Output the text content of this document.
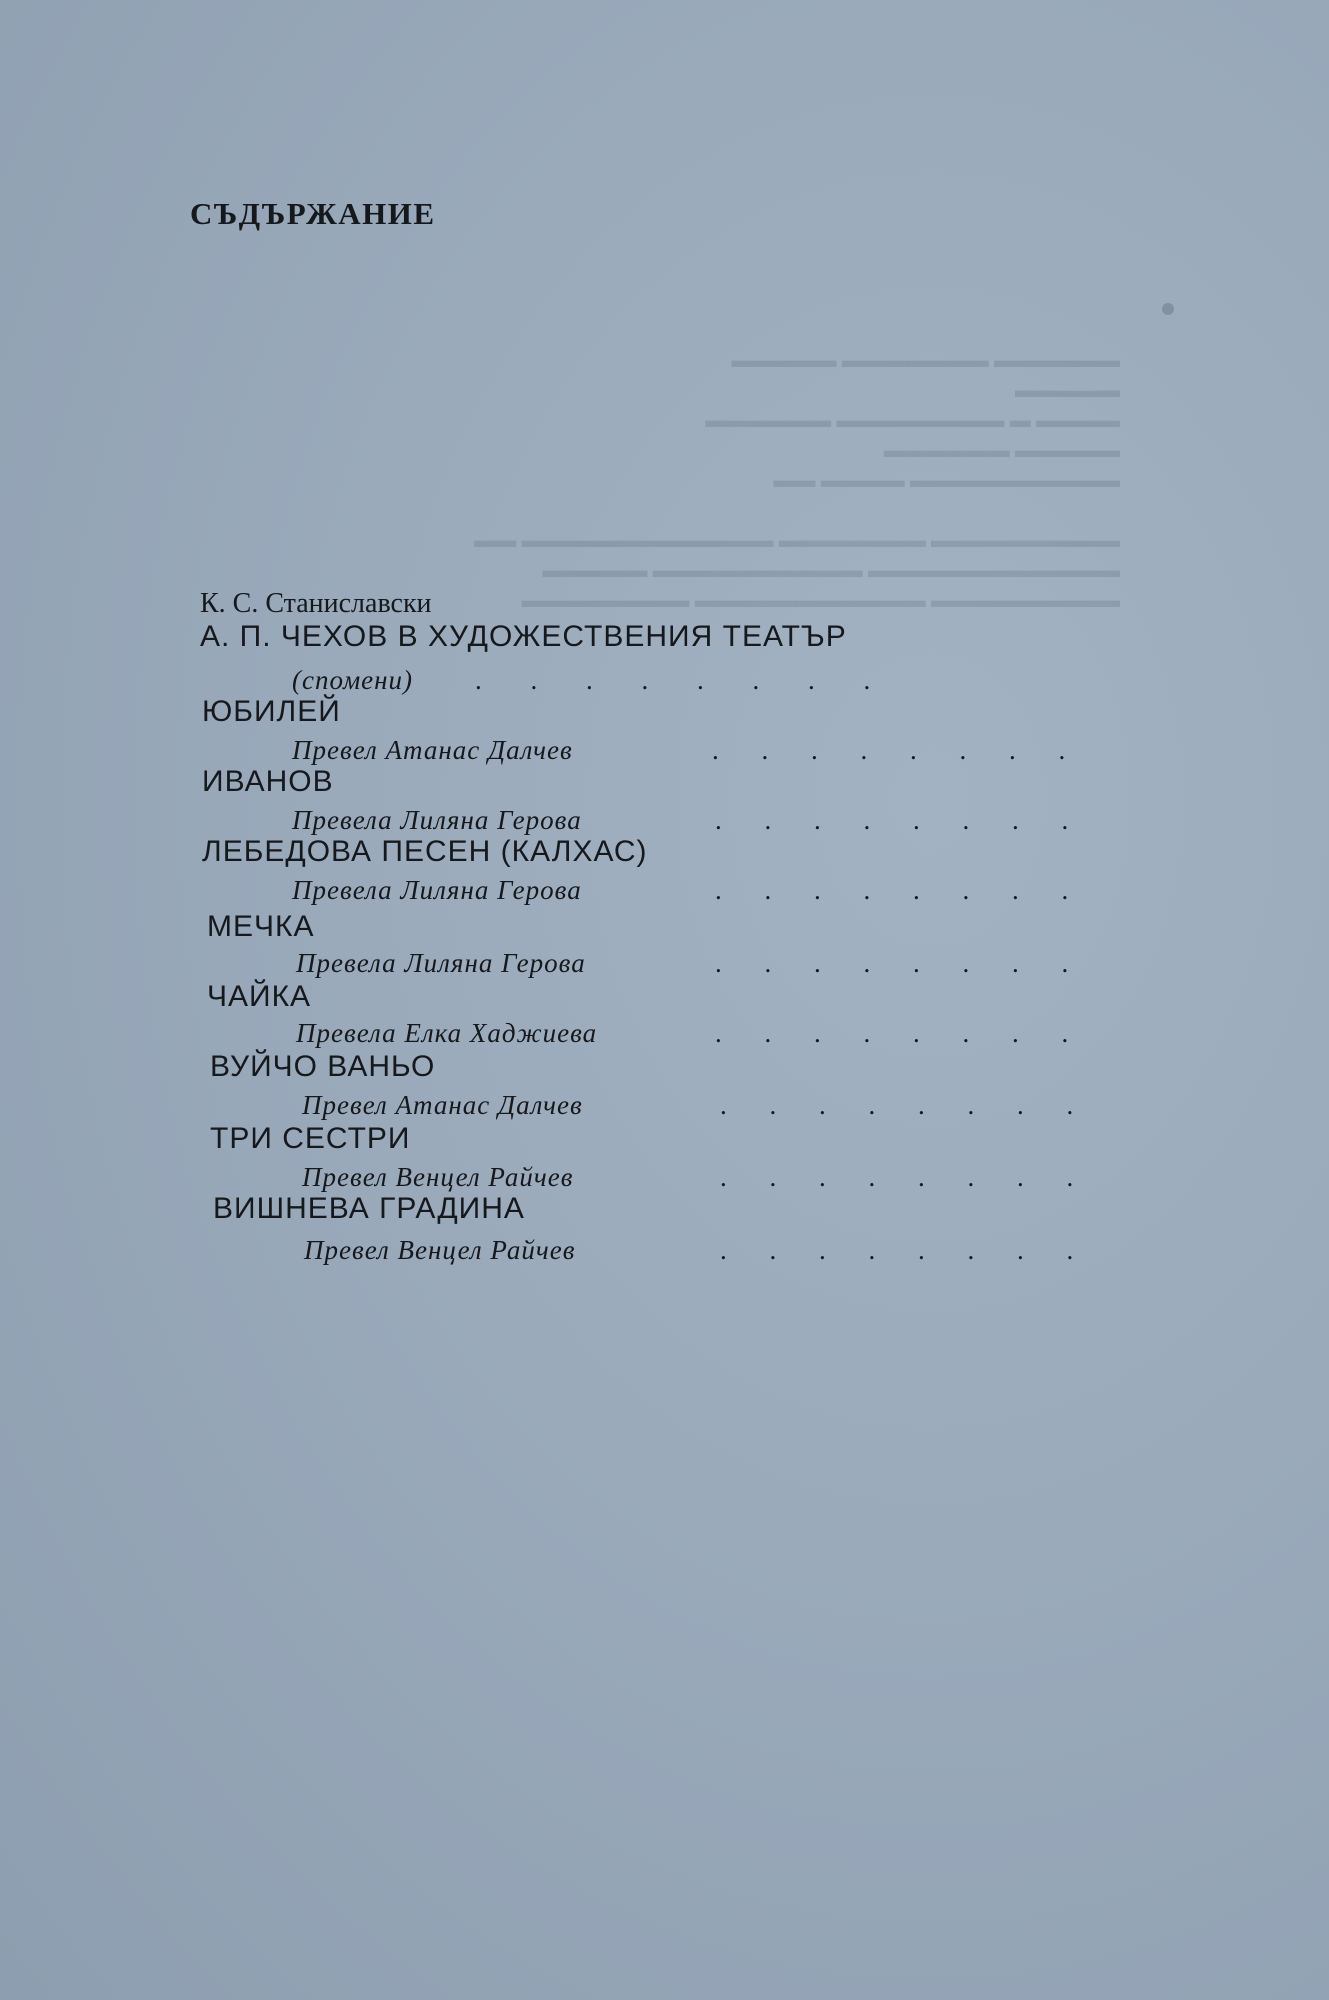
▬▬▬▬▬▬ ▬▬▬▬▬▬▬ ▬▬▬▬▬
▬▬▬▬▬
▬▬▬▬ ▬ ▬▬▬▬▬▬▬▬ ▬▬▬▬▬▬
▬▬▬▬▬ ▬▬▬▬▬▬
▬▬▬▬▬▬▬▬▬▬ ▬▬▬▬ ▬▬

▬▬▬▬▬▬▬▬▬ ▬▬▬▬▬▬▬ ▬▬▬▬▬▬▬▬▬▬▬▬ ▬▬
▬▬▬▬▬▬▬▬▬▬▬▬ ▬▬▬▬▬▬▬▬▬▬ ▬▬▬▬▬
▬▬▬▬▬▬▬▬▬ ▬▬▬▬▬▬▬▬▬▬▬ ▬▬▬▬▬▬▬▬
СЪДЪРЖАНИЕ
К. С. Станиславски
А. П. ЧЕХОВ В ХУДОЖЕСТВЕНИЯ ТЕАТЪР
(спомени) . . . . . . . .
ЮБИЛЕЙ
Превел Атанас Далчев	. . . . . . . .
ИВАНОВ
Превела Лиляна Герова	. . . . . . . .
ЛЕБЕДОВА ПЕСЕН (КАЛХАС)
Превела Лиляна Герова	. . . . . . . .
МЕЧКА
Превела Лиляна Герова	. . . . . . . .
ЧАЙКА
Превела Елка Хаджиева	. . . . . . . .
ВУЙЧО ВАНЬО
Превел Атанас Далчев	. . . . . . . .
ТРИ СЕСТРИ
Превел Венцел Райчев	. . . . . . . .
ВИШНЕВА ГРАДИНА
Превел Венцел Райчев	. . . . . . . .
